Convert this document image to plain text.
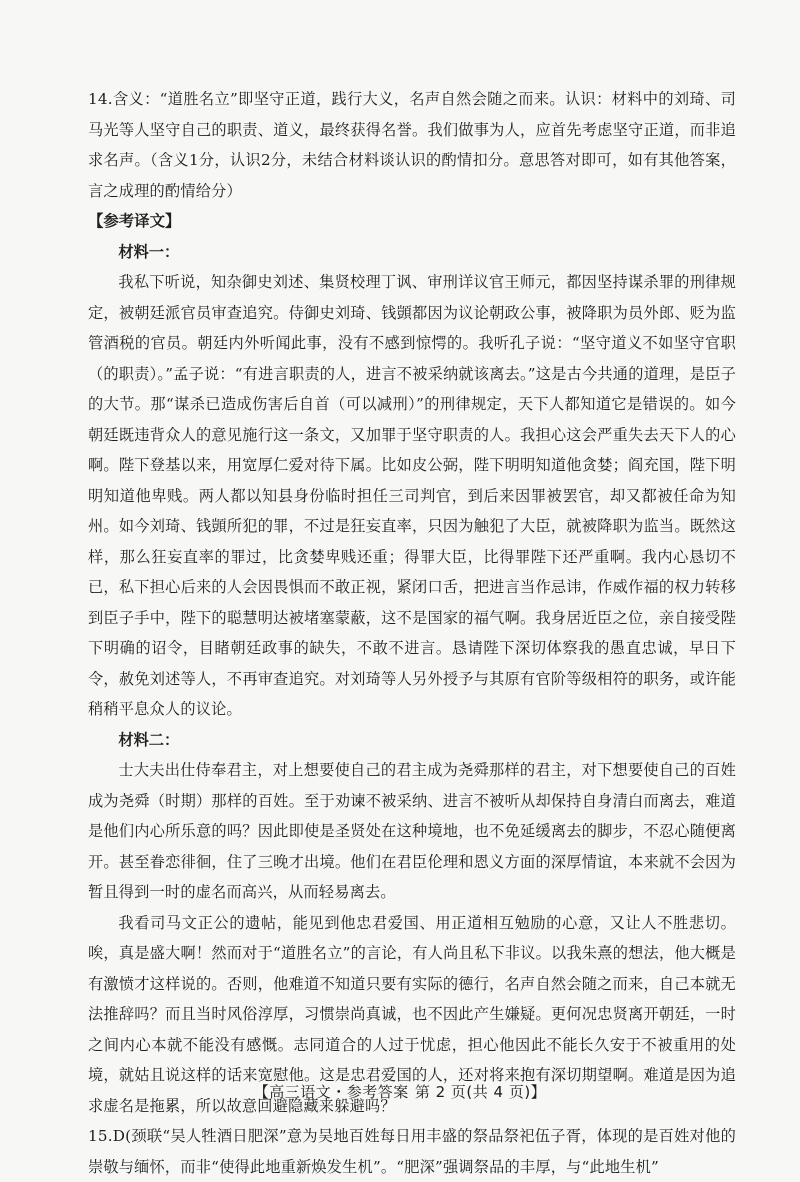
14.含义：“道胜名立”即坚守正道，践行大义，名声自然会随之而来。认识：材料中的刘琦、司马光等人坚守自己的职责、道义，最终获得名誉。我们做事为人，应首先考虑坚守正道，而非追求名声。（含义1分，认识2分，未结合材料谈认识的酌情扣分。意思答对即可，如有其他答案，言之成理的酌情给分）

【参考译文】

材料一：

我私下听说，知杂御史刘述、集贤校理丁讽、审刑详议官王师元，都因坚持谋杀罪的刑律规定，被朝廷派官员审查追究。侍御史刘琦、钱顗都因为议论朝政公事，被降职为员外郎、贬为监管酒税的官员。朝廷内外听闻此事，没有不感到惊愕的。我听孔子说：“坚守道义不如坚守官职（的职责）。”孟子说：“有进言职责的人，进言不被采纳就该离去。”这是古今共通的道理，是臣子的大节。那“谋杀已造成伤害后自首（可以减刑）”的刑律规定，天下人都知道它是错误的。如今朝廷既违背众人的意见施行这一条文，又加罪于坚守职责的人。我担心这会严重失去天下人的心啊。陛下登基以来，用宽厚仁爱对待下属。比如皮公弼，陛下明明知道他贪婪；阎充国，陛下明明知道他卑贱。两人都以知县身份临时担任三司判官，到后来因罪被罢官，却又都被任命为知州。如今刘琦、钱顗所犯的罪，不过是狂妄直率，只因为触犯了大臣，就被降职为监当。既然这样，那么狂妄直率的罪过，比贪婪卑贱还重；得罪大臣，比得罪陛下还严重啊。我内心恳切不已，私下担心后来的人会因畏惧而不敢正视，紧闭口舌，把进言当作忌讳，作威作福的权力转移到臣子手中，陛下的聪慧明达被堵塞蒙蔽，这不是国家的福气啊。我身居近臣之位，亲自接受陛下明确的诏令，目睹朝廷政事的缺失，不敢不进言。恳请陛下深切体察我的愚直忠诚，早日下令，赦免刘述等人，不再审查追究。对刘琦等人另外授予与其原有官阶等级相符的职务，或许能稍稍平息众人的议论。

材料二：

士大夫出仕侍奉君主，对上想要使自己的君主成为尧舜那样的君主，对下想要使自己的百姓成为尧舜（时期）那样的百姓。至于劝谏不被采纳、进言不被听从却保持自身清白而离去，难道是他们内心所乐意的吗？因此即使是圣贤处在这种境地，也不免延缓离去的脚步，不忍心随便离开。甚至眷恋徘徊，住了三晚才出境。他们在君臣伦理和恩义方面的深厚情谊，本来就不会因为暂且得到一时的虚名而高兴，从而轻易离去。

我看司马文正公的遗帖，能见到他忠君爱国、用正道相互勉励的心意，又让人不胜悲切。唉，真是盛大啊！然而对于“道胜名立”的言论，有人尚且私下非议。以我朱熹的想法，他大概是有激愤才这样说的。否则，他难道不知道只要有实际的德行，名声自然会随之而来，自己本就无法推辞吗？而且当时风俗淳厚，习惯崇尚真诚，也不因此产生嫌疑。更何况忠贤离开朝廷，一时之间内心本就不能没有感慨。志同道合的人过于忧虑，担心他因此不能长久安于不被重用的处境，就姑且说这样的话来宽慰他。这是忠君爱国的人，还对将来抱有深切期望啊。难道是因为追求虚名是拖累，所以故意回避隐藏来躲避吗？

15.D(颈联“吴人牲酒日肥深”意为吴地百姓每日用丰盛的祭品祭祀伍子胥，体现的是百姓对他的崇敬与缅怀，而非“使得此地重新焕发生机”。“肥深”强调祭品的丰厚，与“此地生机”

【高三语文・参考答案 第 2 页(共 4 页)】
